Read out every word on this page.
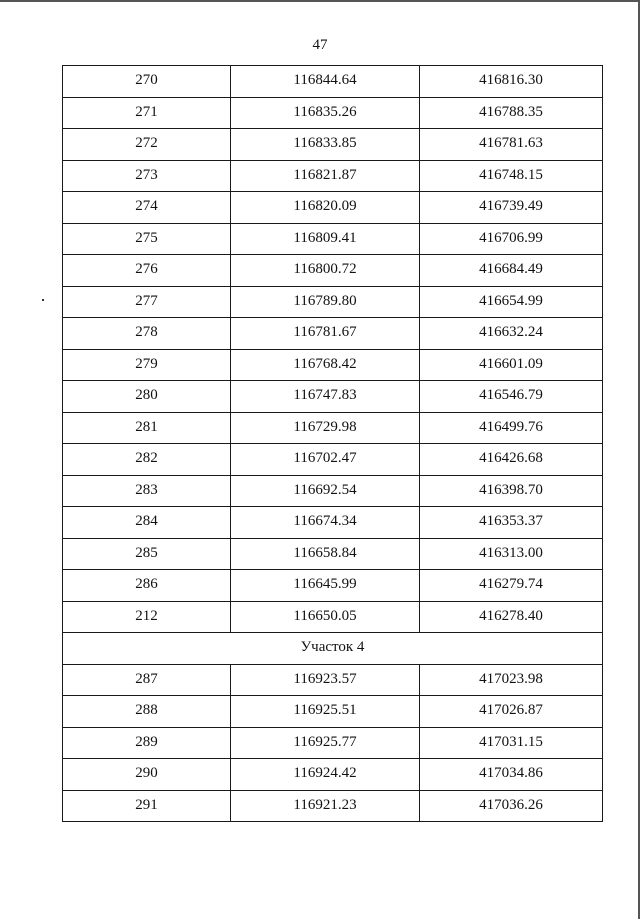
47
270	116844.64	416816.30
271	116835.26	416788.35
272	116833.85	416781.63
273	116821.87	416748.15
274	116820.09	416739.49
275	116809.41	416706.99
276	116800.72	416684.49
277	116789.80	416654.99
278	116781.67	416632.24
279	116768.42	416601.09
280	116747.83	416546.79
281	116729.98	416499.76
282	116702.47	416426.68
283	116692.54	416398.70
284	116674.34	416353.37
285	116658.84	416313.00
286	116645.99	416279.74
212	116650.05	416278.40
Участок 4		
287	116923.57	417023.98
288	116925.51	417026.87
289	116925.77	417031.15
290	116924.42	417034.86
291	116921.23	417036.26
